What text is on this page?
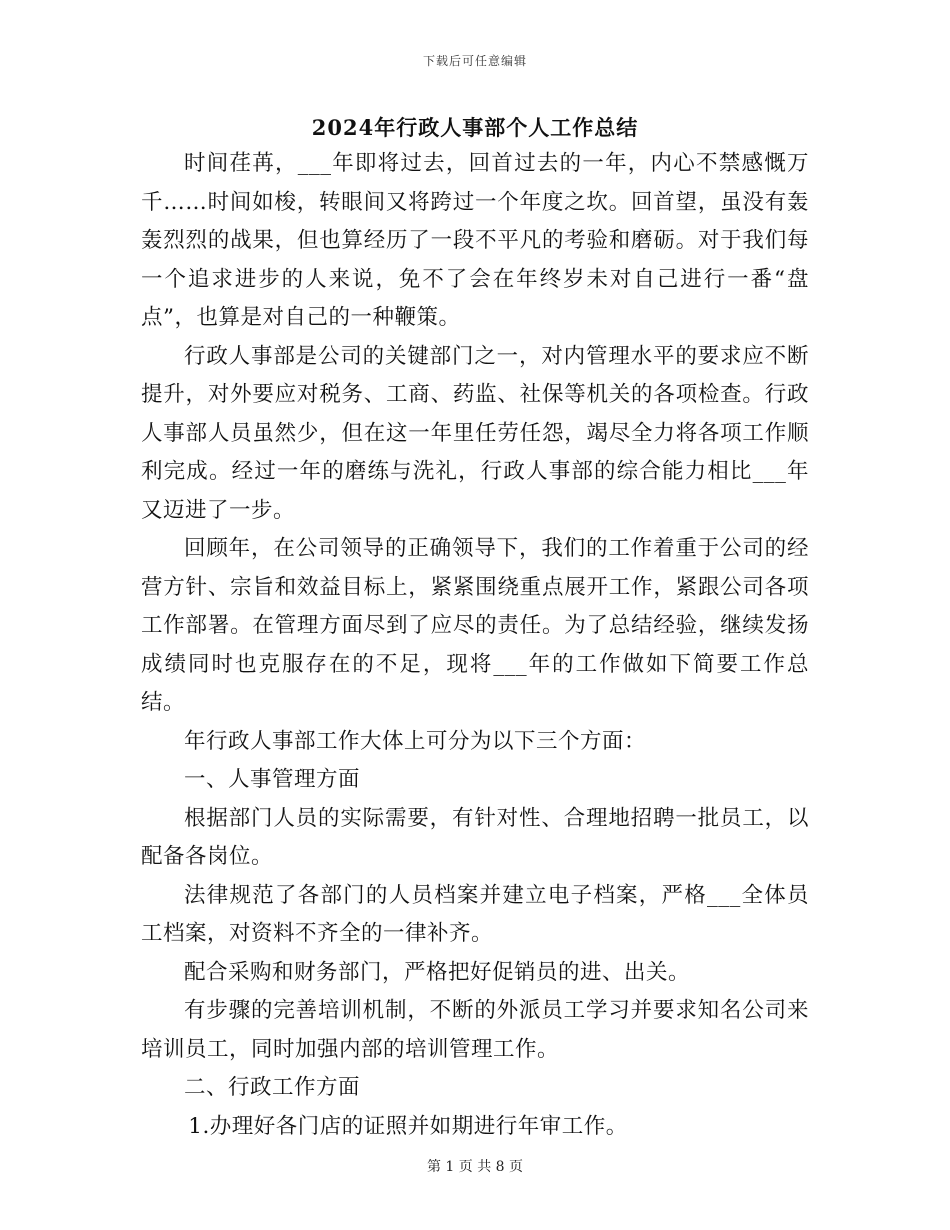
下载后可任意编辑
2024年行政人事部个人工作总结

时间荏苒，___年即将过去，回首过去的一年，内心不禁感慨万千……时间如梭，转眼间又将跨过一个年度之坎。回首望，虽没有轰轰烈烈的战果，但也算经历了一段不平凡的考验和磨砺。对于我们每一个追求进步的人来说，免不了会在年终岁未对自己进行一番“盘点”，也算是对自己的一种鞭策。

行政人事部是公司的关键部门之一，对内管理水平的要求应不断提升，对外要应对税务、工商、药监、社保等机关的各项检查。行政人事部人员虽然少，但在这一年里任劳任怨，竭尽全力将各项工作顺利完成。经过一年的磨练与洗礼，行政人事部的综合能力相比___年又迈进了一步。

回顾年，在公司领导的正确领导下，我们的工作着重于公司的经营方针、宗旨和效益目标上，紧紧围绕重点展开工作，紧跟公司各项工作部署。在管理方面尽到了应尽的责任。为了总结经验，继续发扬成绩同时也克服存在的不足，现将___年的工作做如下简要工作总结。

年行政人事部工作大体上可分为以下三个方面：

一、人事管理方面

根据部门人员的实际需要，有针对性、合理地招聘一批员工，以配备各岗位。

法律规范了各部门的人员档案并建立电子档案，严格___全体员工档案，对资料不齐全的一律补齐。

配合采购和财务部门，严格把好促销员的进、出关。

有步骤的完善培训机制，不断的外派员工学习并要求知名公司来培训员工，同时加强内部的培训管理工作。

二、行政工作方面

1.办理好各门店的证照并如期进行年审工作。

第 1 页 共 8 页
